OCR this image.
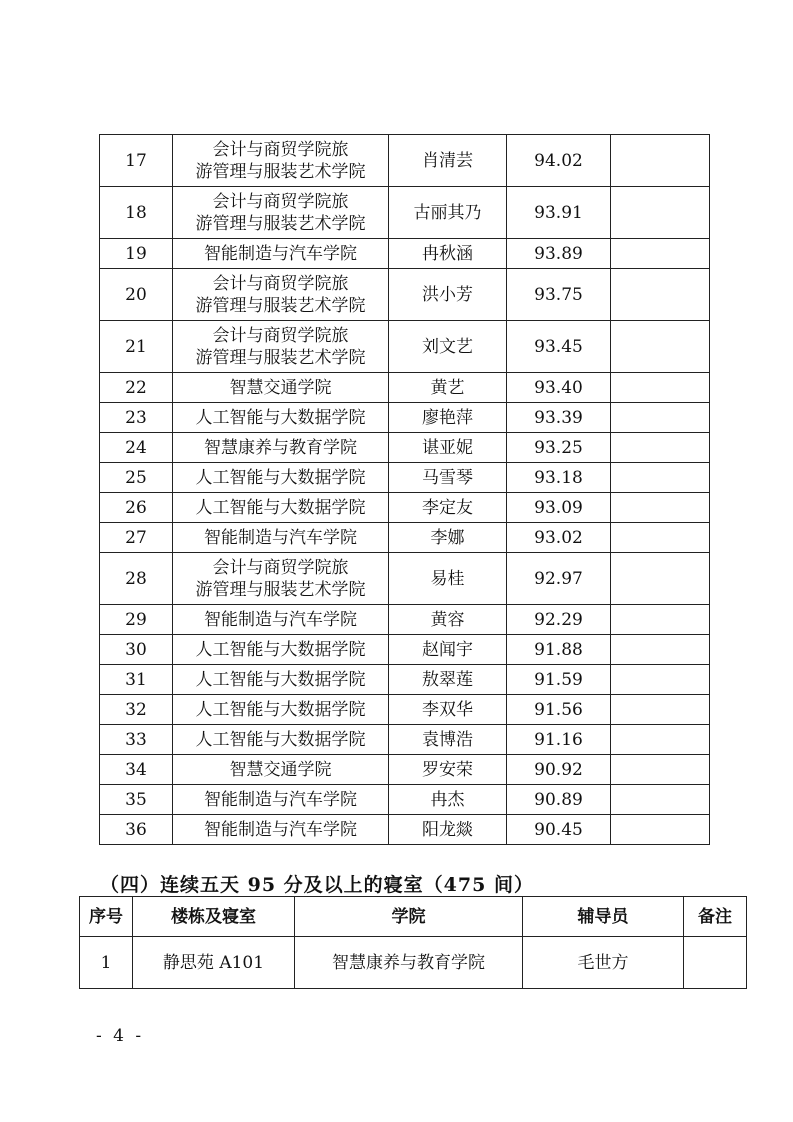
17	会计与商贸学院旅
游管理与服装艺术学院	肖清芸	94.02	
18	会计与商贸学院旅
游管理与服装艺术学院	古丽其乃	93.91	
19	智能制造与汽车学院	冉秋涵	93.89	
20	会计与商贸学院旅
游管理与服装艺术学院	洪小芳	93.75	
21	会计与商贸学院旅
游管理与服装艺术学院	刘文艺	93.45	
22	智慧交通学院	黄艺	93.40	
23	人工智能与大数据学院	廖艳萍	93.39	
24	智慧康养与教育学院	谌亚妮	93.25	
25	人工智能与大数据学院	马雪琴	93.18	
26	人工智能与大数据学院	李定友	93.09	
27	智能制造与汽车学院	李娜	93.02	
28	会计与商贸学院旅
游管理与服装艺术学院	易桂	92.97	
29	智能制造与汽车学院	黄容	92.29	
30	人工智能与大数据学院	赵闻宇	91.88	
31	人工智能与大数据学院	敖翠莲	91.59	
32	人工智能与大数据学院	李双华	91.56	
33	人工智能与大数据学院	袁博浩	91.16	
34	智慧交通学院	罗安荣	90.92	
35	智能制造与汽车学院	冉杰	90.89	
36	智能制造与汽车学院	阳龙燚	90.45	
（四）连续五天 95 分及以上的寝室（475 间）
序号	楼栋及寝室	学院	辅导员	备注
1	静思苑 A101	智慧康养与教育学院	毛世方	
- 4 -
